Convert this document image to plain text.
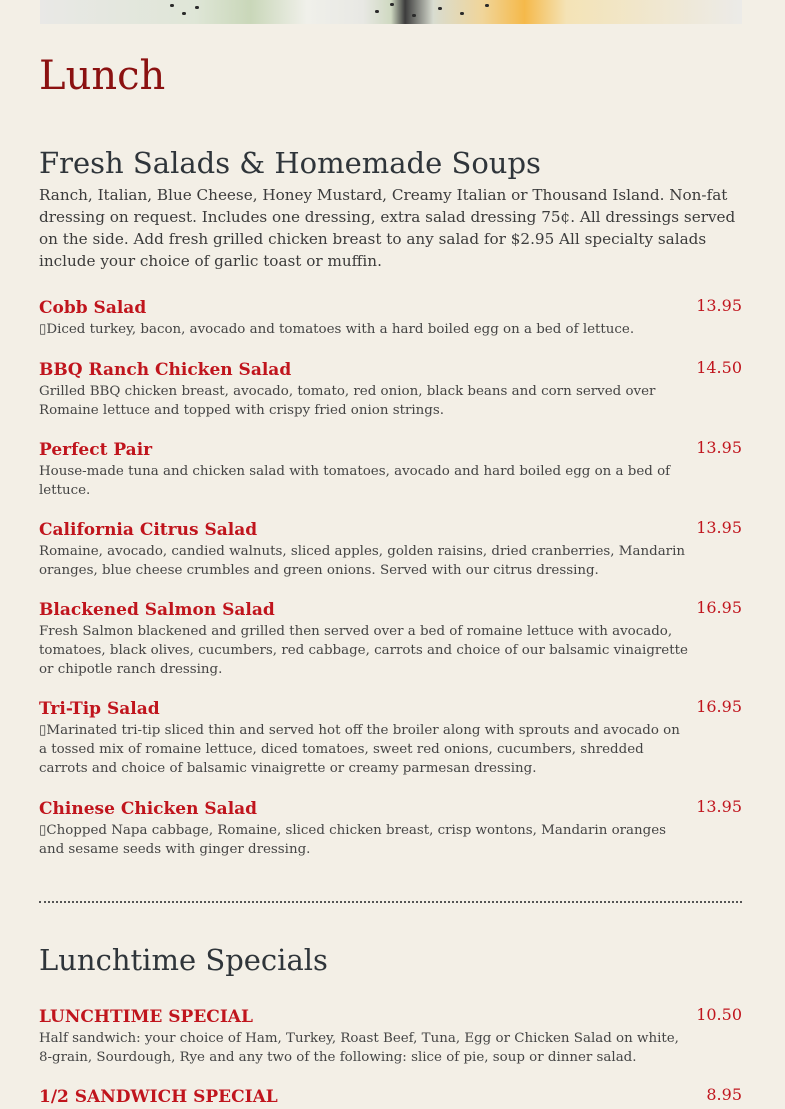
Lunch
Fresh Salads & Homemade Soups

Ranch, Italian, Blue Cheese, Honey Mustard, Creamy Italian or Thousand Island. Non-fat dressing on request. Includes one dressing, extra salad dressing 75¢. All dressings served on the side. Add fresh grilled chicken breast to any salad for $2.95 All specialty salads include your choice of garlic toast or muffin.

Cobb Salad	13.95

▯Diced turkey, bacon, avocado and tomatoes with a hard boiled egg on a bed of lettuce.

BBQ Ranch Chicken Salad	14.50

Grilled BBQ chicken breast, avocado, tomato, red onion, black beans and corn served over Romaine lettuce and topped with crispy fried onion strings.

Perfect Pair	13.95

House-made tuna and chicken salad with tomatoes, avocado and hard boiled egg on a bed of lettuce.

California Citrus Salad	13.95

Romaine, avocado, candied walnuts, sliced apples, golden raisins, dried cranberries, Mandarin oranges, blue cheese crumbles and green onions. Served with our citrus dressing.

Blackened Salmon Salad	16.95

Fresh Salmon blackened and grilled then served over a bed of romaine lettuce with avocado, tomatoes, black olives, cucumbers, red cabbage, carrots and choice of our balsamic vinaigrette or chipotle ranch dressing.

Tri-Tip Salad	16.95

▯Marinated tri-tip sliced thin and served hot off the broiler along with sprouts and avocado on a tossed mix of romaine lettuce, diced tomatoes, sweet red onions, cucumbers, shredded carrots and choice of balsamic vinaigrette or creamy parmesan dressing.

Chinese Chicken Salad	13.95

▯Chopped Napa cabbage, Romaine, sliced chicken breast, crisp wontons, Mandarin oranges and sesame seeds with ginger dressing.

Lunchtime Specials
LUNCHTIME SPECIAL	10.50

Half sandwich: your choice of Ham, Turkey, Roast Beef, Tuna, Egg or Chicken Salad on white, 8-grain, Sourdough, Rye and any two of the following: slice of pie, soup or dinner salad.

1/2 SANDWICH SPECIAL	8.95
